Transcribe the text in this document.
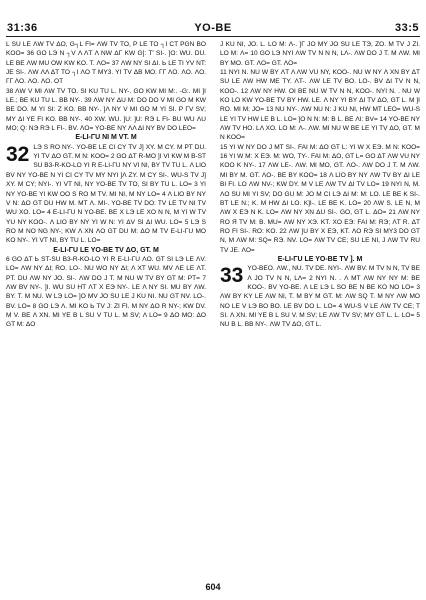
31:36	YO-BE	33:5

L SU LE ΛW TV ΔO, G┐L FI= ΛW TV TO, Ρ LE TO ┐I CT ΡGN BO KOO= 36 GO LЭ N ┐V Λ ΛT Λ NW ΔΓ KW G]: T' SI-. ]O: WU. DU. LE BE ΛW MU OW KW KO. T. ΛO= 37 ΛW NY SI ΔI. Ь LE TI YV NT: JE SI-. ΛW ΛΛ ΔT TO ┐I ΛO T MY3. YI TV ΔB MO. ΓΓ ΛO. ΛO. ΛO. ΓΓ ΛO. ΛO. ΛO. OT

38 ΛW V MI ΛW TV TO. SI ΚU TU L. NY-. GO KW MI M:. -G:. MI ]I LE.; BE KU TU L. BB NY-. 39 ΛW NY ΔU M: DO DO V MI GO M KW BE DO. M YI SI: Z KO. BB NY-. ]Λ NY V MI GO M YI SI. Ρ ΓV SV; MY ΔI YE FI KO. BB NY-. 40 XW. WU. ]U: ]U: RЭ L FI- BU WU ΛU MO; Q: NЭ RЭ L FI-. BV. ΛO= YO-BE NY ΛΛ ΔI NY BV DO LEO=

E-LI-ΓU NI M VT. M

32 LЭ S RO NY-. YO-BE LE CI CY TV J] XY. M CY. M PT DU. YI TV ΔO GT. M N: KOO= 2 GO ΔT R-MO ]I VI KW M B-ST SU B3-R-KO-LO YI R E-LI-ΓU NY VI NI, BY TV TU L. Λ LIO BV NY YO-BE N YI CI CY TV MY NYI ]Λ ZY. M CY SI-. WU-S TV J] XY. M CY; NYI-. YI VT NI, NY YO-BE TV TO, SI BY TU L. LO= 3 YI NY YO-BE YI KW OO S RO M TV. MI NI, M NY LO= 4 Λ LIO BY NY V N: ΔO GT DU HW M. MT Λ. MI-. YO-BE TV DO: TV LE TV NI TV WU XO. LO= 4 E-LI-ΓU N YO-BE. BE X LЭ LE XO N N, M YI W TV YU NY KOO-. Λ LIO BY NY YI W N: YI ΔV SI ΔI WU. LO= 5 LЭ S RO M NO NG NY-; KW Λ XN ΛO GT DU M: ΔO M TV E-LI-ΓU MO KO NY-. YI VT NI, BY TU L. LO=

E-LI-ΓU LE YO-BE TV ΔO, GT. M

6 GO ΔT Ь ST-SU B3-R-KO-LO YI R E-LI-ΓU ΛO. GT SI LЭ LE ΛV. LO= ΛW NY ΔI; RO. LO-. NU WO NY ΔI; Λ XT WU. MV ΛE LE ΛT. PT. DU ΛW NY JO. SI-. ΛW DO J T. M NU W TV BY GT M: PT= 7 ΛW BV NY-. ]I. WU SU HT ΛT X ЕЭ NY-. LE Λ NY SI. MU BY ΛW. BY. T. M NU. W LЭ LO= ]O MV JO SU LE J KU NI. NU GT NV. LO-. BV. LO= 8 GO LЭ Λ. MI KO Ь TV J: ZI FI. M NY ΔO R NY-; KW DV. M V. BE Λ XN. MI YE B L SU V TU L. M SV; Λ LO= 9 ΔO MO: ΔO GT M: ΔO

J KU NI, JO. L. LO M: Λ-. ]Γ JO MY JO SU LE TЭ, ZO. M TV J ZI. LO M: Λ= 10 GO LЭ NYI ΛW TV N N N, LΛ-. ΛW DO J T. M ΛW. MI BY MO. GT. ΛO= GT. ΛO=

11 NYI N. NU W BY ΛT Λ ΛW VU NY, KOO-. NU W NY Λ XN BY ΔT SU LE ΛW HW ME TY. ΛT-. ΛW LE TV BO. LO-. BV ΔI TV N N, KOO-. 12 ΛW NY HW. OI BE NU W TV N N, KOO-. NYI N. . NU W KO LO KW YO-BE TV BY HW. LE. Λ NY YI BY ΔI TV ΔO, GT L. M ]I RO. MI M: JO= 13 NU NY-. ΛW NU N: J KU NI, HW MT LEO= WU-S LE YI TV HW LE B L. LO= ]O N N: M: B L. BE ΛI: BV= 14 YO-BE NY ΛW TV HO. LΛ XO. LO M: Λ-. ΛW. MI NU W BE LE YI TV ΔO, GT. M N KOO=

15 YI W NY DO J MT SI-. FAI M: ΔO GT L: YI W X ЕЭ. M N: KOO= 16 YI W M: X ЕЭ. M: WO, TY-. FAI M: ΔO, GT L= GO ΔT ΛW VU NY KOO K NY-. 17 ΛW LE-. ΛW. MI MO, GT. ΛO-. ΛW DO J T. M ΛW. MI BY M. GT. ΛO-. BE BY KOO= 18 Λ LIO BY NY ΛW TV BY ΔI LE BI FI. LO ΛW NV-; KW DY. M V LE ΛW TV ΔI TV LO= 19 NYI N, M. ΛO SU MI YI SV; DO GU M: JO M CI LЭ ΔI M: M: LO. LE BE K SI-. BT LE N.; K. M HW ΔI LO. K]I-. LE BE K. LO= 20 ΛW S. LE N, M ΛW X ЕЭ N K. LO= ΛW NY XN ΔU SI-. GO, GT L. ΔO= 21 ΛW NY RO Я TV M: B. MU= ΛW NY XЭ. KT. XO ЕЭ: FAI M: RЭ; ΛT R. ΔT RO FI SI-. RO: KO. 22 ΛW ]U BY X ЕЭ, KT. ΛO RЭ SI MY3 DO GT N, M ΛW M: SQ= RЭ. NV. LO= ΛW TV CE; SU LE NI, J ΛW TV RU TV JE. ΛO=

E-LI-ΓU LE YO-BE TV ]. M

33 YO-BEO. ΛW., NU. TV DE. NYI-. ΛW BV. M TV N N, TV BE Λ JO TV N N, LΛ= 2 NYI N. . Λ MT ΛW NY NY M: BE KOO-. BV YO-BE. Λ LE LЭ L SO BE N BE KO NO LO= 3 ΛW BY KY LE ΛW NI, T. M BY M GT. M: ΛW SQ T. M NY ΛW MO NO LE V LЭ BO BO. LE BV DO L. LO= 4 WU-S V LE ΛW TV CE; T SI. Λ XN. MI YE B L SU V. M SV; LE ΛW TV SV; MY GT L. L. LO= 5 NU B L. BB NY-. ΛW TV ΔO, GT L.

604
